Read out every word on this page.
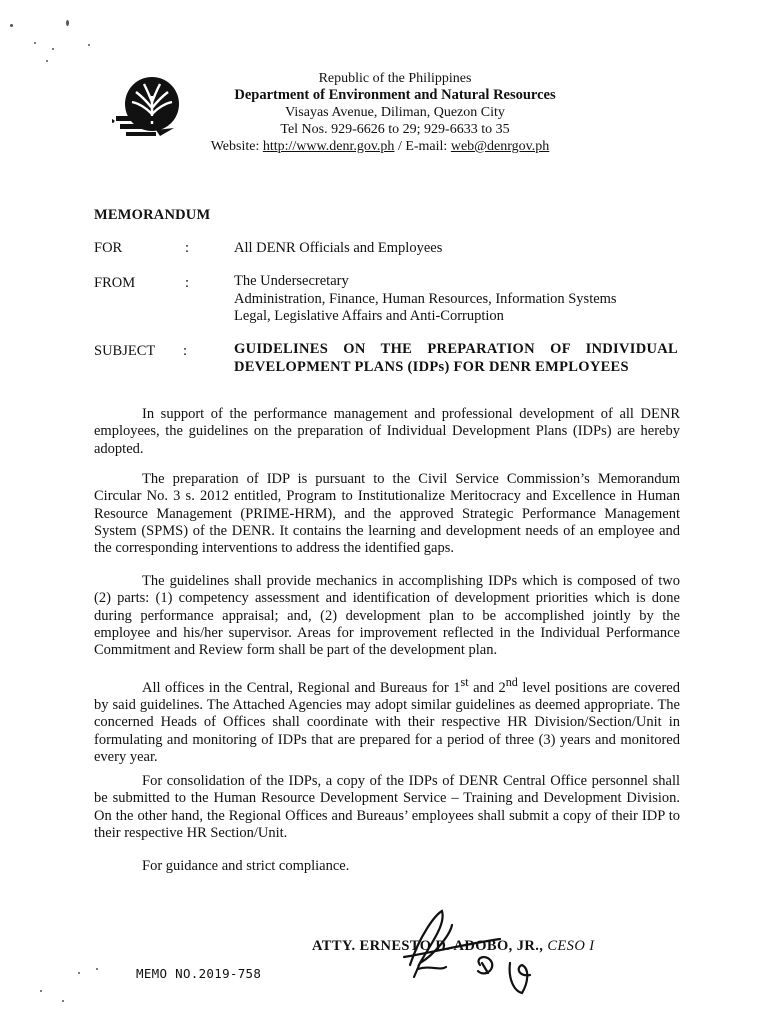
Republic of the Philippines
Department of Environment and Natural Resources
Visayas Avenue, Diliman, Quezon City
Tel Nos. 929-6626 to 29; 929-6633 to 35
Website: http://www.denr.gov.ph / E-mail: web@denrgov.ph
MEMORANDUM
FOR	:	All DENR Officials and Employees
FROM	:	The Undersecretary
Administration, Finance, Human Resources, Information Systems
Legal, Legislative Affairs and Anti-Corruption
SUBJECT :	GUIDELINES ON THE PREPARATION OF INDIVIDUAL DEVELOPMENT PLANS (IDPs) FOR DENR EMPLOYEES

In support of the performance management and professional development of all DENR employees, the guidelines on the preparation of Individual Development Plans (IDPs) are hereby adopted.

The preparation of IDP is pursuant to the Civil Service Commission’s Memorandum Circular No. 3 s. 2012 entitled, Program to Institutionalize Meritocracy and Excellence in Human Resource Management (PRIME-HRM), and the approved Strategic Performance Management System (SPMS) of the DENR. It contains the learning and development needs of an employee and the corresponding interventions to address the identified gaps.

The guidelines shall provide mechanics in accomplishing IDPs which is composed of two (2) parts: (1) competency assessment and identification of development priorities which is done during performance appraisal; and, (2) development plan to be accomplished jointly by the employee and his/her supervisor. Areas for improvement reflected in the Individual Performance Commitment and Review form shall be part of the development plan.

All offices in the Central, Regional and Bureaus for 1st and 2nd level positions are covered by said guidelines. The Attached Agencies may adopt similar guidelines as deemed appropriate. The concerned Heads of Offices shall coordinate with their respective HR Division/Section/Unit in formulating and monitoring of IDPs that are prepared for a period of three (3) years and monitored every year.

For consolidation of the IDPs, a copy of the IDPs of DENR Central Office personnel shall be submitted to the Human Resource Development Service – Training and Development Division. On the other hand, the Regional Offices and Bureaus’ employees shall submit a copy of their IDP to their respective HR Section/Unit.

For guidance and strict compliance.
ATTY. ERNESTO D. ADOBO, JR., CESO I
MEMO NO.2019-758
